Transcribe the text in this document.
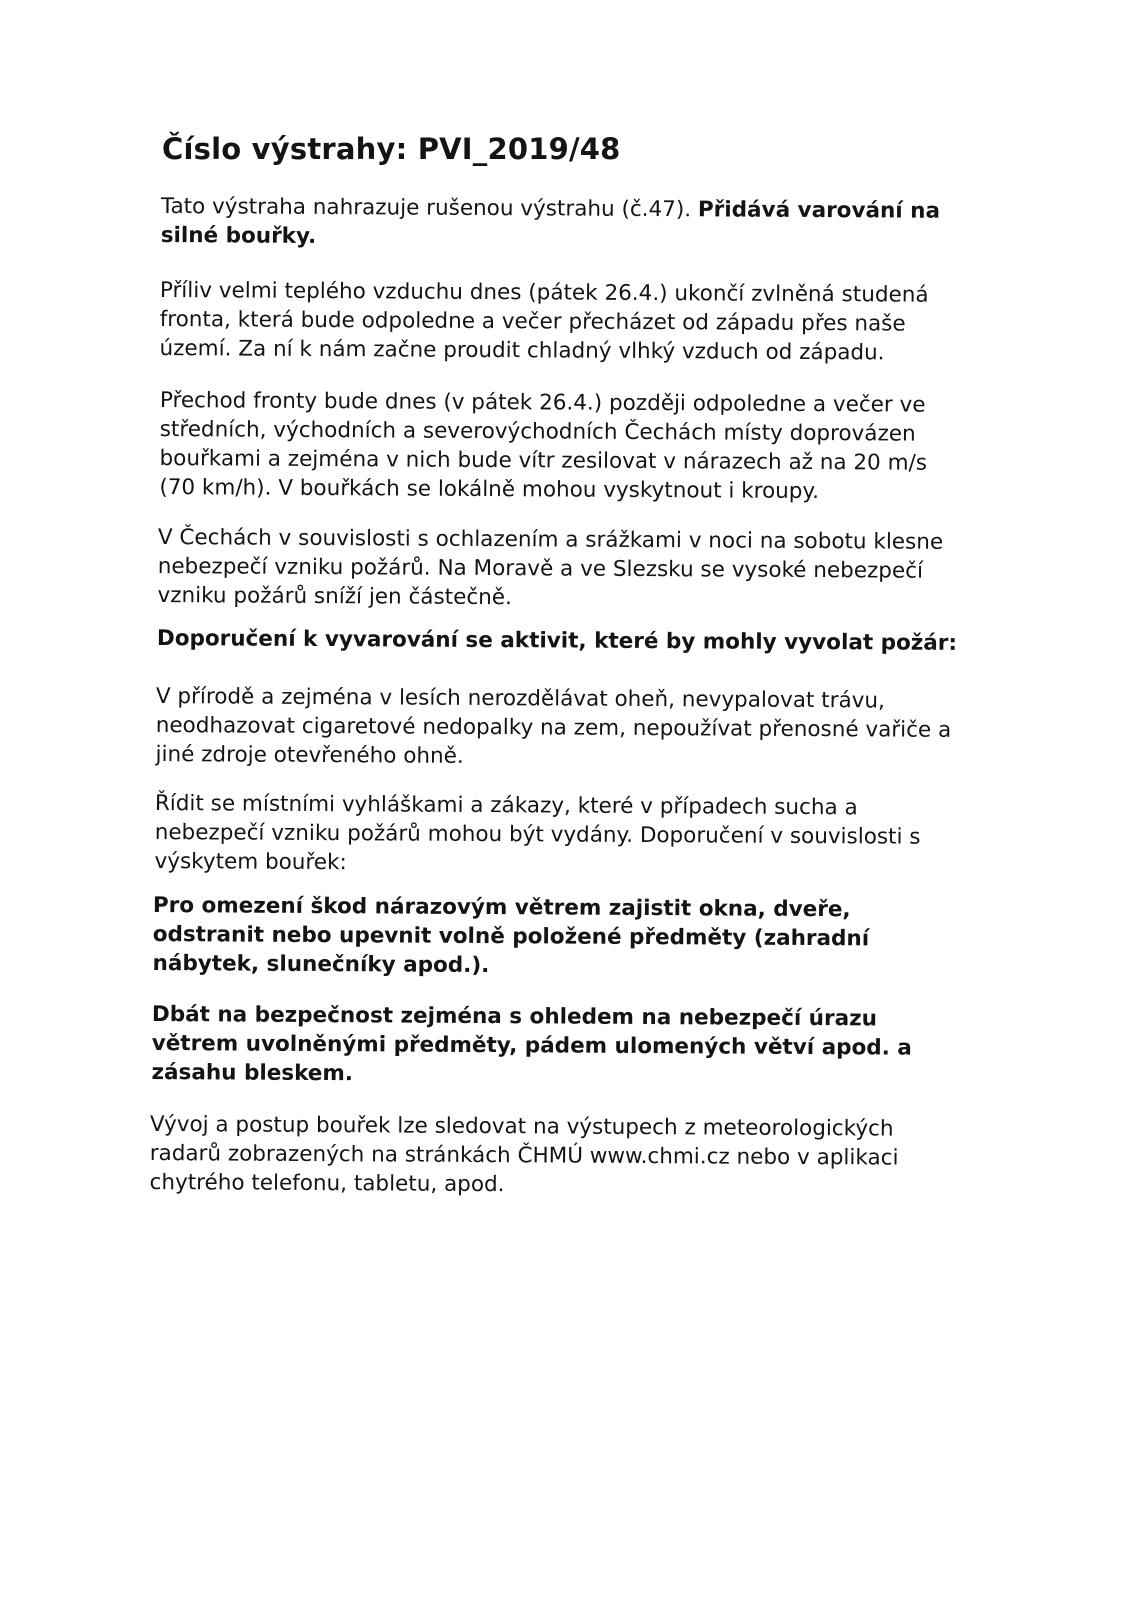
Číslo výstrahy: PVI_2019/48

Tato výstraha nahrazuje rušenou výstrahu (č.47). Přidává varování na
silné bouřky.

Příliv velmi teplého vzduchu dnes (pátek 26.4.) ukončí zvlněná studená
fronta, která bude odpoledne a večer přecházet od západu přes naše
území. Za ní k nám začne proudit chladný vlhký vzduch od západu.

Přechod fronty bude dnes (v pátek 26.4.) později odpoledne a večer ve
středních, východních a severovýchodních Čechách místy doprovázen
bouřkami a zejména v nich bude vítr zesilovat v nárazech až na 20 m/s
(70 km/h). V bouřkách se lokálně mohou vyskytnout i kroupy.

V Čechách v souvislosti s ochlazením a srážkami v noci na sobotu klesne
nebezpečí vzniku požárů. Na Moravě a ve Slezsku se vysoké nebezpečí
vzniku požárů sníží jen částečně.

Doporučení k vyvarování se aktivit, které by mohly vyvolat požár:

V přírodě a zejména v lesích nerozdělávat oheň, nevypalovat trávu,
neodhazovat cigaretové nedopalky na zem, nepoužívat přenosné vařiče a
jiné zdroje otevřeného ohně.

Řídit se místními vyhláškami a zákazy, které v případech sucha a
nebezpečí vzniku požárů mohou být vydány. Doporučení v souvislosti s
výskytem bouřek:

Pro omezení škod nárazovým větrem zajistit okna, dveře,
odstranit nebo upevnit volně položené předměty (zahradní
nábytek, slunečníky apod.).

Dbát na bezpečnost zejména s ohledem na nebezpečí úrazu
větrem uvolněnými předměty, pádem ulomených větví apod. a
zásahu bleskem.

Vývoj a postup bouřek lze sledovat na výstupech z meteorologických
radarů zobrazených na stránkách ČHMÚ www.chmi.cz nebo v aplikaci
chytrého telefonu, tabletu, apod.
